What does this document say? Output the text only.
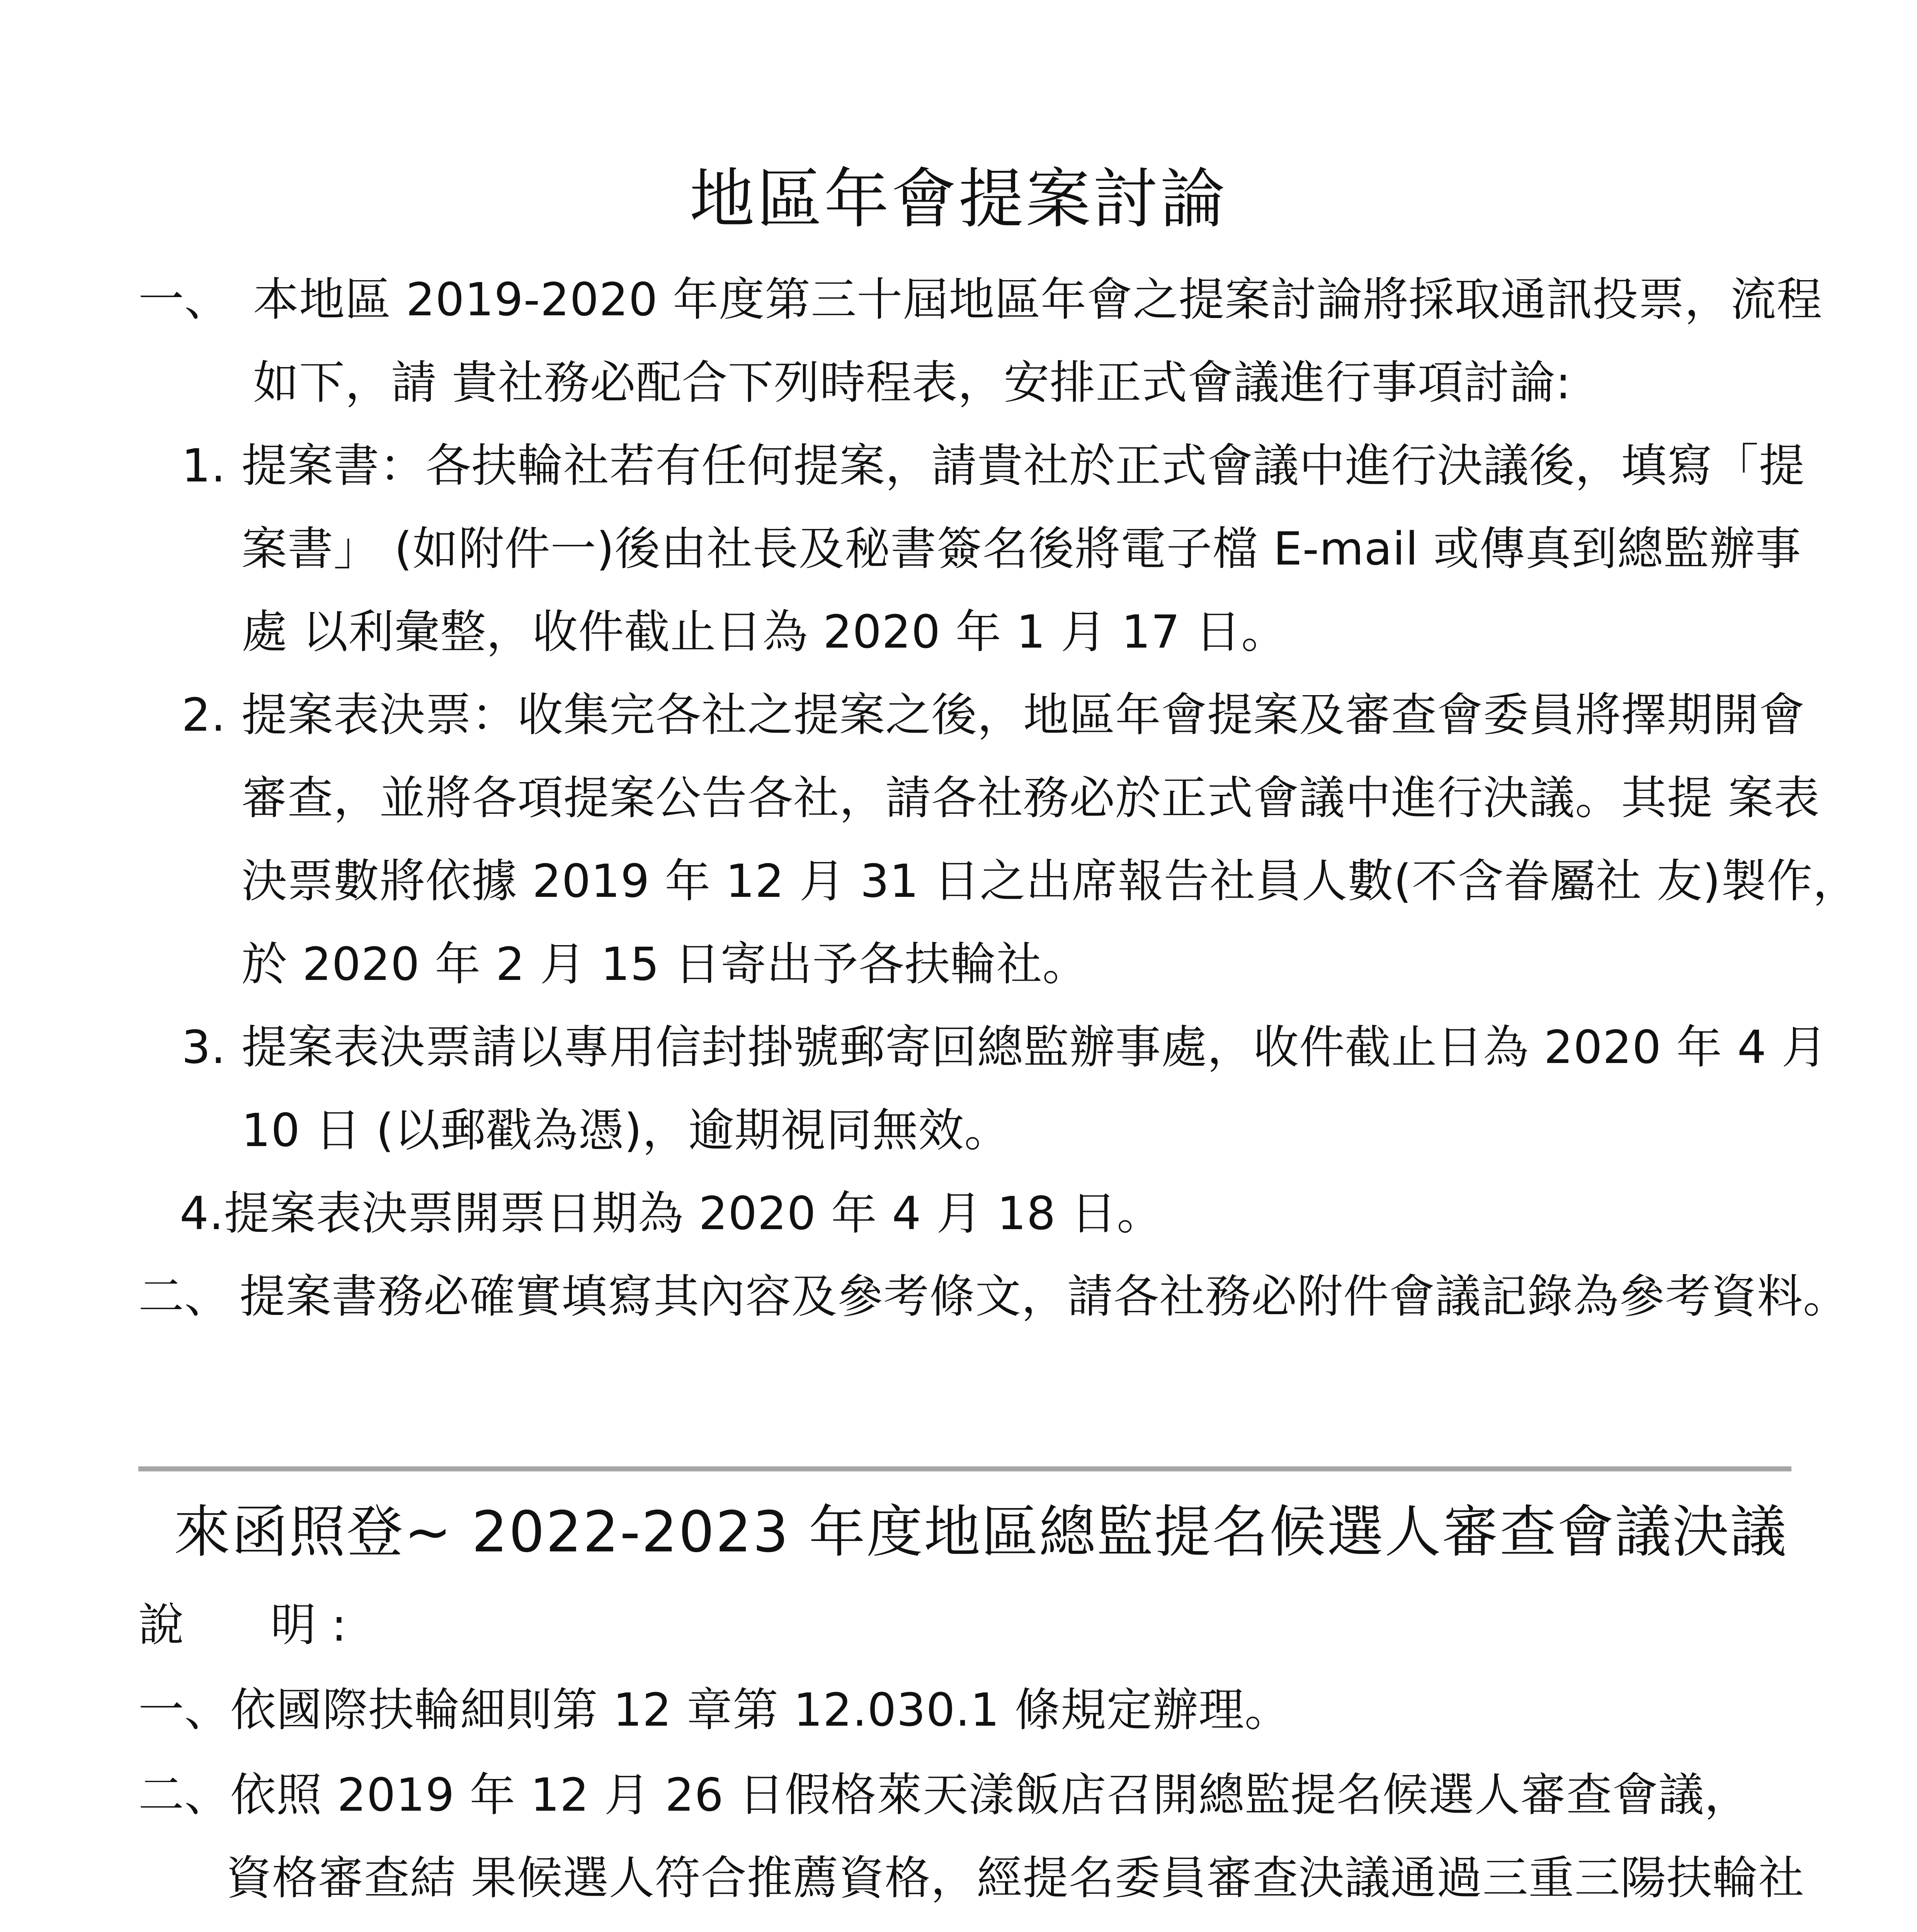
地區年會提案討論
一、 本地區 2019-2020 年度第三十屆地區年會之提案討論將採取通訊投票，流程
如下，請 貴社務必配合下列時程表，安排正式會議進行事項討論:
1. 提案書：各扶輪社若有任何提案，請貴社於正式會議中進行決議後，填寫「提
案書」 (如附件一)後由社長及秘書簽名後將電子檔 E-mail 或傳真到總監辦事
處 以利彙整，收件截止日為 2020 年 1 月 17 日。
2. 提案表決票：收集完各社之提案之後，地區年會提案及審查會委員將擇期開會
審查，並將各項提案公告各社，請各社務必於正式會議中進行決議。其提 案表
決票數將依據 2019 年 12 月 31 日之出席報告社員人數(不含眷屬社 友)製作，
於 2020 年 2 月 15 日寄出予各扶輪社。
3. 提案表決票請以專用信封掛號郵寄回總監辦事處，收件截止日為 2020 年 4 月
10 日 (以郵戳為憑)，逾期視同無效。
4.提案表決票開票日期為 2020 年 4 月 18 日。
二、 提案書務必確實填寫其內容及參考條文，請各社務必附件會議記錄為參考資料。
來函照登~ 2022-2023 年度地區總監提名候選人審查會議決議
說 明 :
一、依國際扶輪細則第 12 章第 12.030.1 條規定辦理。
二、依照 2019 年 12 月 26 日假格萊天漾飯店召開總監提名候選人審查會議，
資格審查結 果候選人符合推薦資格，經提名委員審查決議通過三重三陽扶輪社
